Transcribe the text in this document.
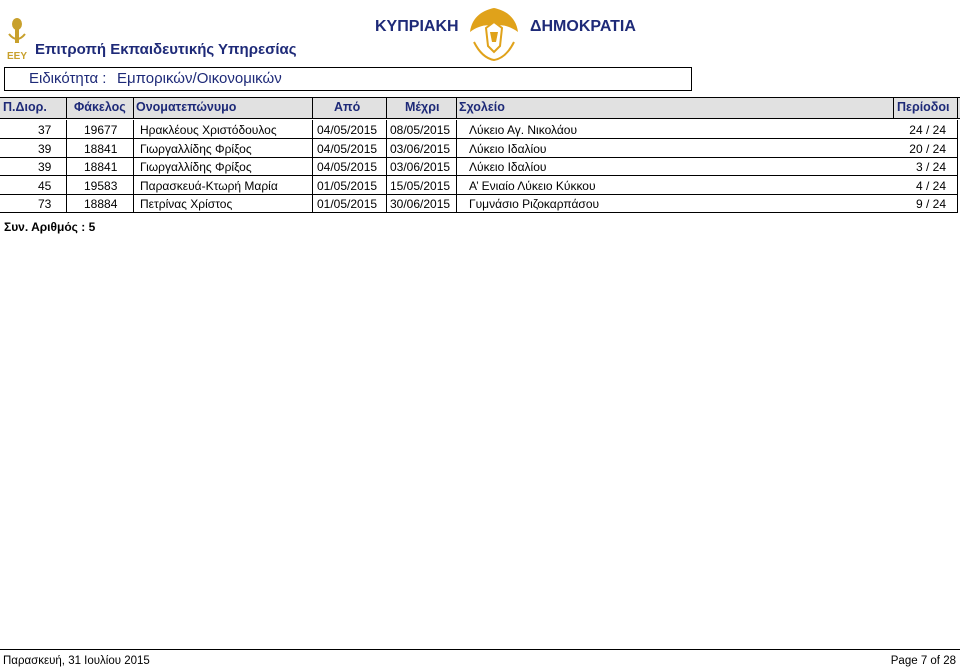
ΕΕΥ Επιτροπή Εκπαιδευτικής Υπηρεσίας
ΚΥΠΡΙΑΚΗ	ΔΗΜΟΚΡΑΤΙΑ
Ειδικότητα : Εμπορικών/Οικονομικών
Π.Διορ. Φάκελος Ονοματεπώνυμο	Από	Μέχρι Σχολείο	Περίοδοι
37	19677 Ηρακλέους Χριστόδουλος	04/05/2015 08/05/2015 Λύκειο Αγ. Νικολάου	24 / 24
39	18841 Γιωργαλλίδης Φρίξος	04/05/2015 03/06/2015 Λύκειο Ιδαλίου	20 / 24
39	18841 Γιωργαλλίδης Φρίξος	04/05/2015 03/06/2015 Λύκειο Ιδαλίου	3 / 24
45	19583 Παρασκευά-Κτωρή Μαρία	01/05/2015 15/05/2015 Α’ Ενιαίο Λύκειο Κύκκου	4 / 24
73	18884 Πετρίνας Χρίστος	01/05/2015 30/06/2015 Γυμνάσιο Ριζοκαρπάσου	9 / 24
Συν. Αριθμός : 5
Παρασκευή, 31 Ιουλίου 2015	Page 7 of 28
